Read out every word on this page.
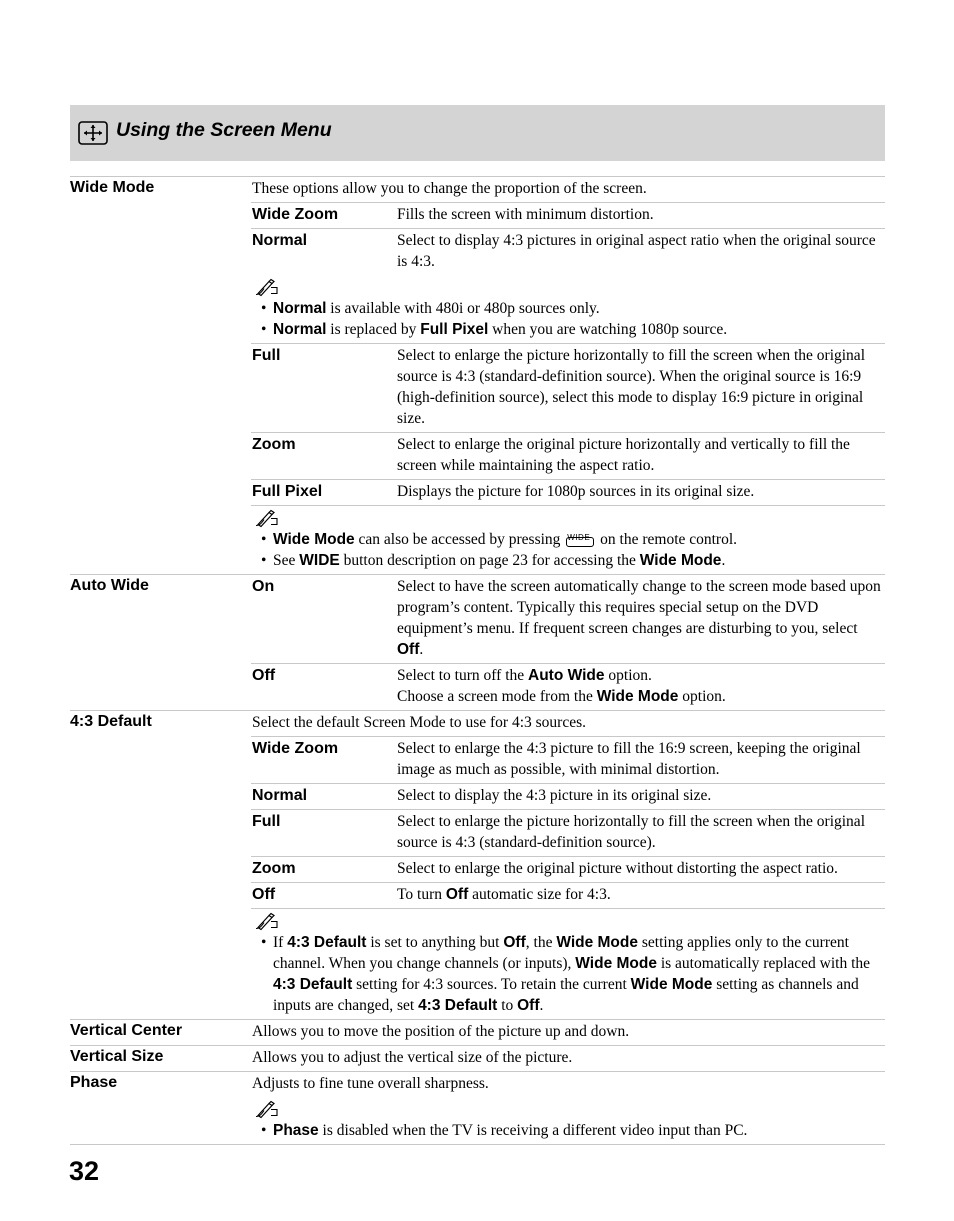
Using the Screen Menu
Wide Mode	These options allow you to change the proportion of the screen.
Wide Zoom	Fills the screen with minimum distortion.
Normal	Select to display 4:3 pictures in original aspect ratio when the original source is 4:3.
• Normal is available with 480i or 480p sources only.
• Normal is replaced by Full Pixel when you are watching 1080p source.
Full	Select to enlarge the picture horizontally to fill the screen when the original source is 4:3 (standard-definition source). When the original source is 16:9 (high-definition source), select this mode to display 16:9 picture in original size.
Zoom	Select to enlarge the original picture horizontally and vertically to fill the screen while maintaining the aspect ratio.
Full Pixel	Displays the picture for 1080p sources in its original size.
• Wide Mode can also be accessed by pressing WIDE on the remote control.
• See WIDE button description on page 23 for accessing the Wide Mode.
Auto Wide	On	Select to have the screen automatically change to the screen mode based upon program’s content. Typically this requires special setup on the DVD equipment’s menu. If frequent screen changes are disturbing to you, select Off.
Off	Select to turn off the Auto Wide option.
Choose a screen mode from the Wide Mode option.
4:3 Default	Select the default Screen Mode to use for 4:3 sources.
Wide Zoom	Select to enlarge the 4:3 picture to fill the 16:9 screen, keeping the original image as much as possible, with minimal distortion.
Normal	Select to display the 4:3 picture in its original size.
Full	Select to enlarge the picture horizontally to fill the screen when the original source is 4:3 (standard-definition source).
Zoom	Select to enlarge the original picture without distorting the aspect ratio.
Off	To turn Off automatic size for 4:3.
• If 4:3 Default is set to anything but Off, the Wide Mode setting applies only to the current channel. When you change channels (or inputs), Wide Mode is automatically replaced with the 4:3 Default setting for 4:3 sources. To retain the current Wide Mode setting as channels and inputs are changed, set 4:3 Default to Off.
Vertical Center	Allows you to move the position of the picture up and down.
Vertical Size	Allows you to adjust the vertical size of the picture.
Phase	Adjusts to fine tune overall sharpness.
• Phase is disabled when the TV is receiving a different video input than PC.
32
